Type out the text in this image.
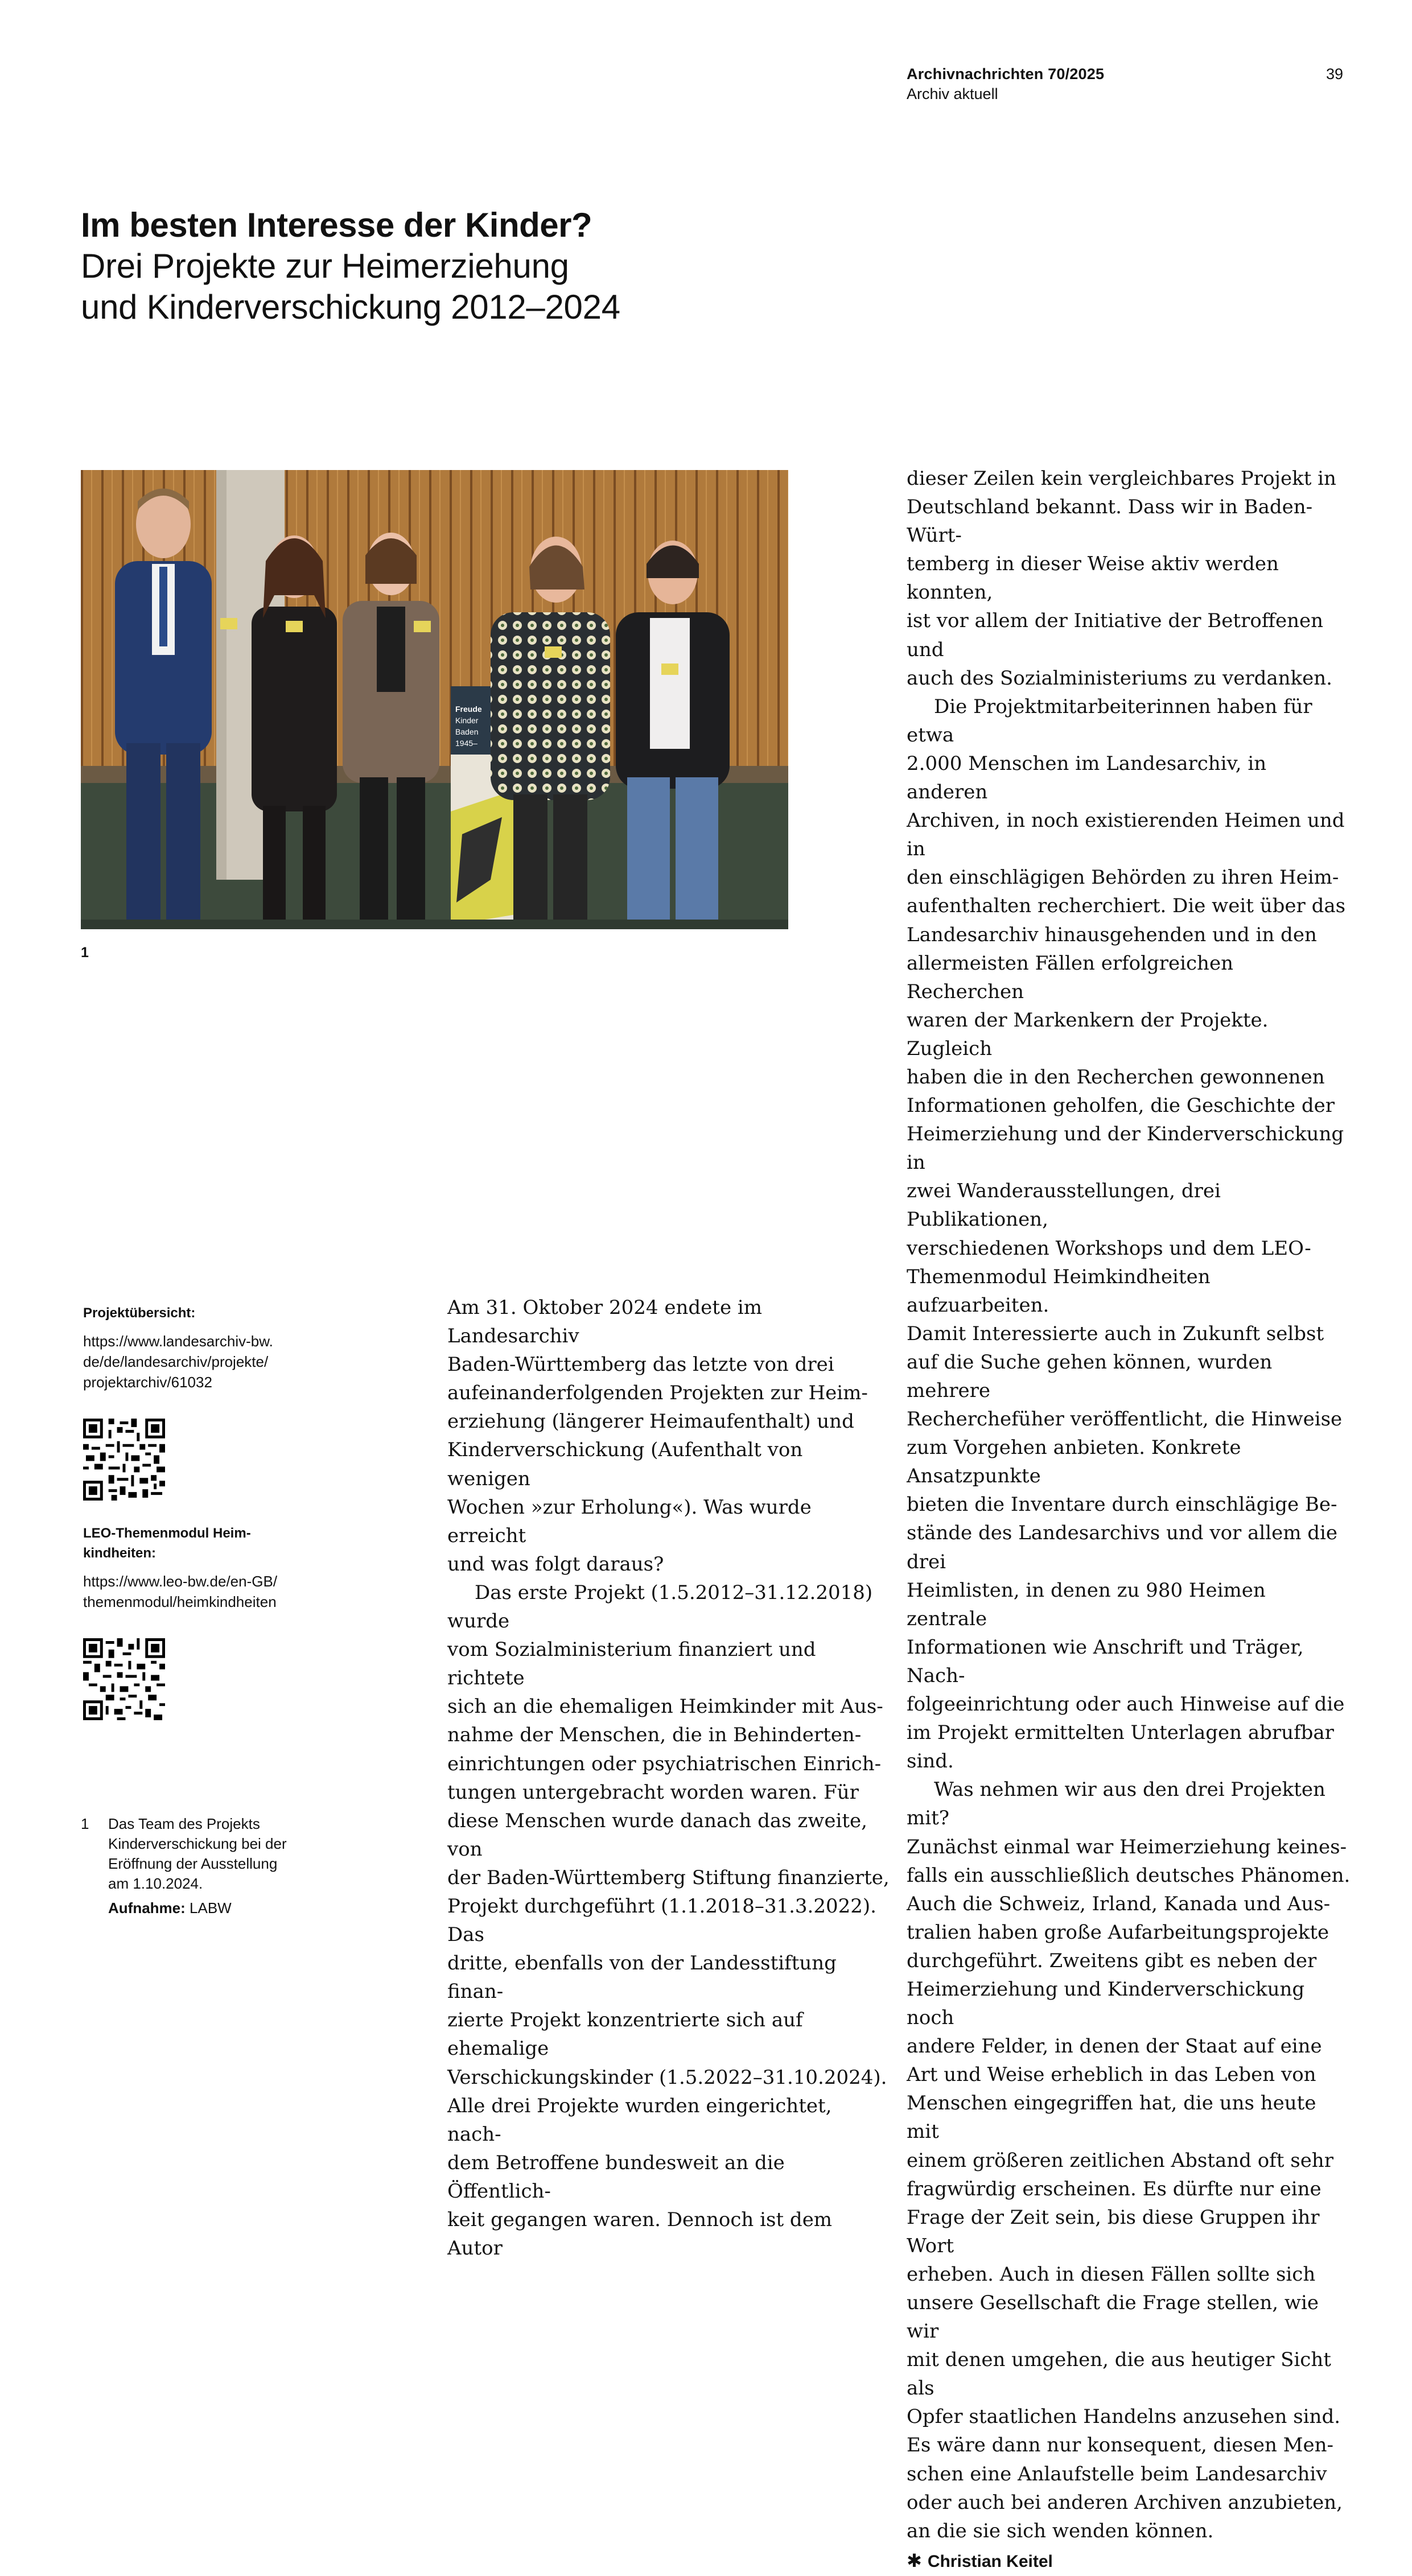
Archivnachrichten 70/2025
Archiv aktuell
39
Im besten Interesse der Kinder?
Drei Projekte zur Heimerziehung
und Kinderverschickung 2012–2024
Freude
Kinder
Baden
1945–
1
Projektübersicht:
https://www.landesarchiv-bw.
de/de/landesarchiv/projekte/
projektarchiv/61032
LEO-Themenmodul Heim-
kindheiten:
https://www.leo-bw.de/en-GB/
themenmodul/heimkindheiten
1 Das Team des Projekts
Kinderverschickung bei der
Eröffnung der Ausstellung
am 1.10.2024.
Aufnahme: LABW

Am 31. Oktober 2024 endete im Landesarchiv
Baden-Württemberg das letzte von drei
aufeinanderfolgenden Projekten zur Heim-
erziehung (längerer Heimaufenthalt) und
Kinderverschickung (Aufenthalt von wenigen
Wochen »zur Erholung«). Was wurde erreicht
und was folgt daraus?

Das erste Projekt (1.5.2012–31.12.2018) wurde
vom Sozialministerium finanziert und richtete
sich an die ehemaligen Heimkinder mit Aus-
nahme der Menschen, die in Behinderten-
einrichtungen oder psychiatrischen Einrich-
tungen untergebracht worden waren. Für
diese Menschen wurde danach das zweite, von
der Baden-Württemberg Stiftung finanzierte,
Projekt durchgeführt (1.1.2018–31.3.2022). Das
dritte, ebenfalls von der Landesstiftung finan-
zierte Projekt konzentrierte sich auf ehemalige
Verschickungskinder (1.5.2022–31.10.2024).
Alle drei Projekte wurden eingerichtet, nach-
dem Betroffene bundesweit an die Öffentlich-
keit gegangen waren. Dennoch ist dem Autor

dieser Zeilen kein vergleichbares Projekt in
Deutschland bekannt. Dass wir in Baden-Würt-
temberg in dieser Weise aktiv werden konnten,
ist vor allem der Initiative der Betroffenen und
auch des Sozialministeriums zu verdanken.

Die Projektmitarbeiterinnen haben für etwa
2.000 Menschen im Landesarchiv, in anderen
Archiven, in noch existierenden Heimen und in
den einschlägigen Behörden zu ihren Heim-
aufenthalten recherchiert. Die weit über das
Landesarchiv hinausgehenden und in den
allermeisten Fällen erfolgreichen Recherchen
waren der Markenkern der Projekte. Zugleich
haben die in den Recherchen gewonnenen
Informationen geholfen, die Geschichte der
Heimerziehung und der Kinderverschickung in
zwei Wanderausstellungen, drei Publikationen,
verschiedenen Workshops und dem LEO-
Themenmodul Heimkindheiten aufzuarbeiten.
Damit Interessierte auch in Zukunft selbst
auf die Suche gehen können, wurden mehrere
Recherchefüher veröffentlicht, die Hinweise
zum Vorgehen anbieten. Konkrete Ansatzpunkte
bieten die Inventare durch einschlägige Be-
stände des Landesarchivs und vor allem die drei
Heimlisten, in denen zu 980 Heimen zentrale
Informationen wie Anschrift und Träger, Nach-
folgeeinrichtung oder auch Hinweise auf die
im Projekt ermittelten Unterlagen abrufbar sind.

Was nehmen wir aus den drei Projekten mit?
Zunächst einmal war Heimerziehung keines-
falls ein ausschließlich deutsches Phänomen.
Auch die Schweiz, Irland, Kanada und Aus-
tralien haben große Aufarbeitungsprojekte
durchgeführt. Zweitens gibt es neben der
Heimerziehung und Kinderverschickung noch
andere Felder, in denen der Staat auf eine
Art und Weise erheblich in das Leben von
Menschen eingegriffen hat, die uns heute mit
einem größeren zeitlichen Abstand oft sehr
fragwürdig erscheinen. Es dürfte nur eine
Frage der Zeit sein, bis diese Gruppen ihr Wort
erheben. Auch in diesen Fällen sollte sich
unsere Gesellschaft die Frage stellen, wie wir
mit denen umgehen, die aus heutiger Sicht als
Opfer staatlichen Handelns anzusehen sind.
Es wäre dann nur konsequent, diesen Men-
schen eine Anlaufstelle beim Landesarchiv
oder auch bei anderen Archiven anzubieten,
an die sie sich wenden können.

✱ Christian Keitel
